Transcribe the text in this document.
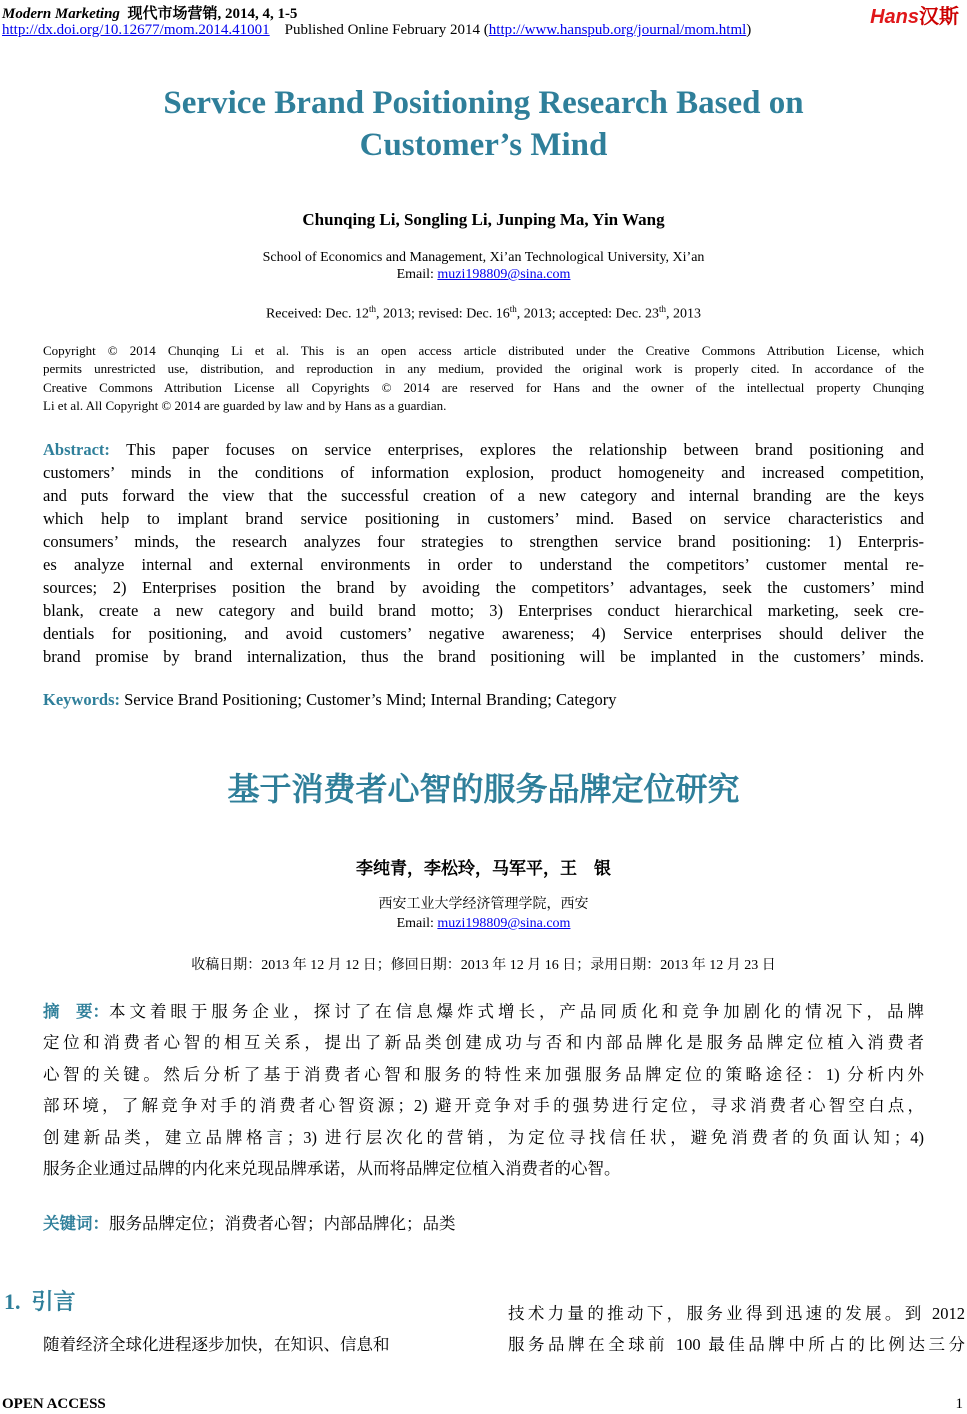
Modern Marketing 现代市场营销, 2014, 4, 1-5	Hans汉斯
http://dx.doi.org/10.12677/mom.2014.41001 Published Online February 2014 (http://www.hanspub.org/journal/mom.html)
Service Brand Positioning Research Based on
Customer’s Mind
Chunqing Li, Songling Li, Junping Ma, Yin Wang
School of Economics and Management, Xi’an Technological University, Xi’an
Email: muzi198809@sina.com
Received: Dec. 12th, 2013; revised: Dec. 16th, 2013; accepted: Dec. 23th, 2013
Copyright © 2014 Chunqing Li et al. This is an open access article distributed under the Creative Commons Attribution License, which
permits unrestricted use, distribution, and reproduction in any medium, provided the original work is properly cited. In accordance of the
Creative Commons Attribution License all Copyrights © 2014 are reserved for Hans and the owner of the intellectual property Chunqing
Li et al. All Copyright © 2014 are guarded by law and by Hans as a guardian.
Abstract: This paper focuses on service enterprises, explores the relationship between brand positioning and
customers’ minds in the conditions of information explosion, product homogeneity and increased competition,
and puts forward the view that the successful creation of a new category and internal branding are the keys
which help to implant brand service positioning in customers’ mind. Based on service characteristics and
consumers’ minds, the research analyzes four strategies to strengthen service brand positioning: 1) Enterpris-
es analyze internal and external environments in order to understand the competitors’ customer mental re-
sources; 2) Enterprises position the brand by avoiding the competitors’ advantages, seek the customers’ mind
blank, create a new category and build brand motto; 3) Enterprises conduct hierarchical marketing, seek cre-
dentials for positioning, and avoid customers’ negative awareness; 4) Service enterprises should deliver the
brand promise by brand internalization, thus the brand positioning will be implanted in the customers’ minds.
Keywords: Service Brand Positioning; Customer’s Mind; Internal Branding; Category
基于消费者心智的服务品牌定位研究
李纯青，李松玲，马军平，王　银
西安工业大学经济管理学院，西安
Email: muzi198809@sina.com
收稿日期：2013 年 12 月 12 日；修回日期：2013 年 12 月 16 日；录用日期：2013 年 12 月 23 日
摘　要： 本文着眼于服务企业，探讨了在信息爆炸式增长，产品同质化和竞争加剧化的情况下，品牌
定位和消费者心智的相互关系，提出了新品类创建成功与否和内部品牌化是服务品牌定位植入消费者
心智的关键。然后分析了基于消费者心智和服务的特性来加强服务品牌定位的策略途径：1) 分析内外
部环境，了解竞争对手的消费者心智资源；2) 避开竞争对手的强势进行定位，寻求消费者心智空白点，
创建新品类，建立品牌格言；3) 进行层次化的营销，为定位寻找信任状，避免消费者的负面认知；4)
服务企业通过品牌的内化来兑现品牌承诺，从而将品牌定位植入消费者的心智。
关键词：服务品牌定位；消费者心智；内部品牌化；品类
1.  引言
随着经济全球化进程逐步加快，在知识、信息和
技术力量的推动下，服务业得到迅速的发展。到 2012
服务品牌在全球前 100 最佳品牌中所占的比例达三分
OPEN ACCESS	1
